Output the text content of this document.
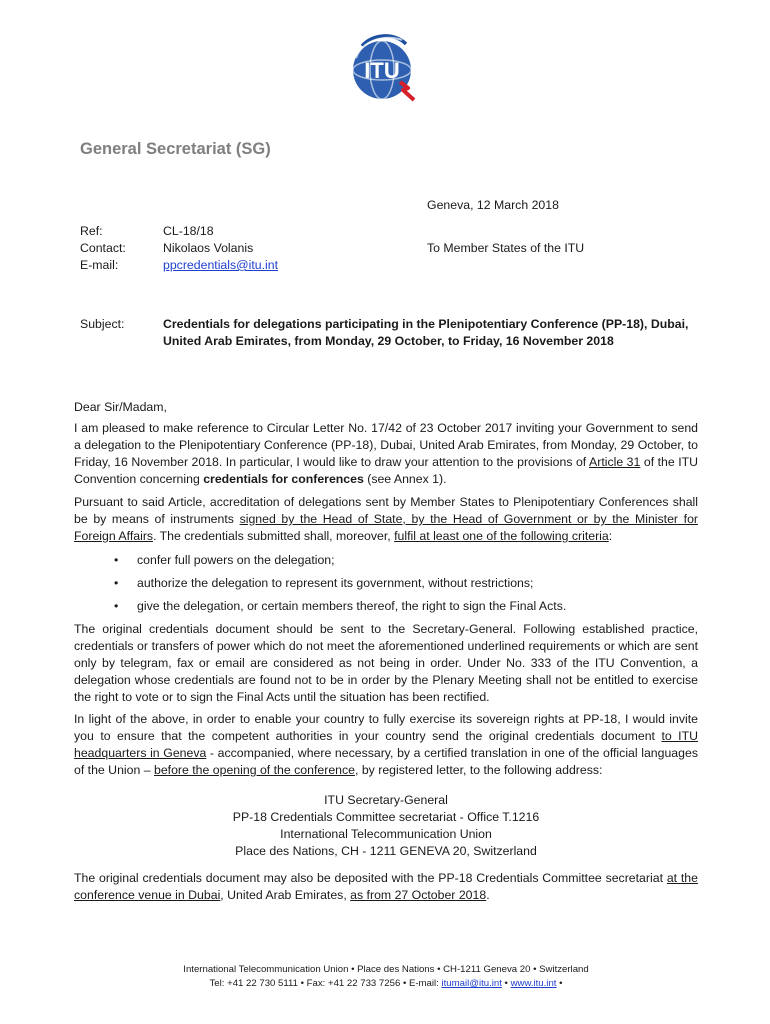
ITU
General Secretariat (SG)
Geneva, 12 March 2018
Ref:	CL-18/18
Contact:	Nikolaos Volanis
E-mail:	ppcredentials@itu.int
To Member States of the ITU
Subject:	Credentials for delegations participating in the Plenipotentiary Conference (PP-18), Dubai,
United Arab Emirates, from Monday, 29 October, to Friday, 16 November 2018
Dear Sir/Madam,
I am pleased to make reference to Circular Letter No. 17/42 of 23 October 2017 inviting your Government to send a delegation to the Plenipotentiary Conference (PP-18), Dubai, United Arab Emirates, from Monday, 29 October, to Friday, 16 November 2018. In particular, I would like to draw your attention to the provisions of Article 31 of the ITU Convention concerning credentials for conferences (see Annex 1).
Pursuant to said Article, accreditation of delegations sent by Member States to Plenipotentiary Conferences shall be by means of instruments signed by the Head of State, by the Head of Government or by the Minister for Foreign Affairs. The credentials submitted shall, moreover, fulfil at least one of the following criteria:
• confer full powers on the delegation;
• authorize the delegation to represent its government, without restrictions;
• give the delegation, or certain members thereof, the right to sign the Final Acts.
The original credentials document should be sent to the Secretary-General. Following established practice, credentials or transfers of power which do not meet the aforementioned underlined requirements or which are sent only by telegram, fax or email are considered as not being in order. Under No. 333 of the ITU Convention, a delegation whose credentials are found not to be in order by the Plenary Meeting shall not be entitled to exercise the right to vote or to sign the Final Acts until the situation has been rectified.
In light of the above, in order to enable your country to fully exercise its sovereign rights at PP-18, I would invite you to ensure that the competent authorities in your country send the original credentials document to ITU headquarters in Geneva - accompanied, where necessary, by a certified translation in one of the official languages of the Union – before the opening of the conference, by registered letter, to the following address:
ITU Secretary-General
PP-18 Credentials Committee secretariat - Office T.1216
International Telecommunication Union
Place des Nations, CH - 1211 GENEVA 20, Switzerland
The original credentials document may also be deposited with the PP-18 Credentials Committee secretariat at the conference venue in Dubai, United Arab Emirates, as from 27 October 2018.
International Telecommunication Union • Place des Nations • CH-1211 Geneva 20 • Switzerland
Tel: +41 22 730 5111 • Fax: +41 22 733 7256 • E-mail: itumail@itu.int • www.itu.int •
